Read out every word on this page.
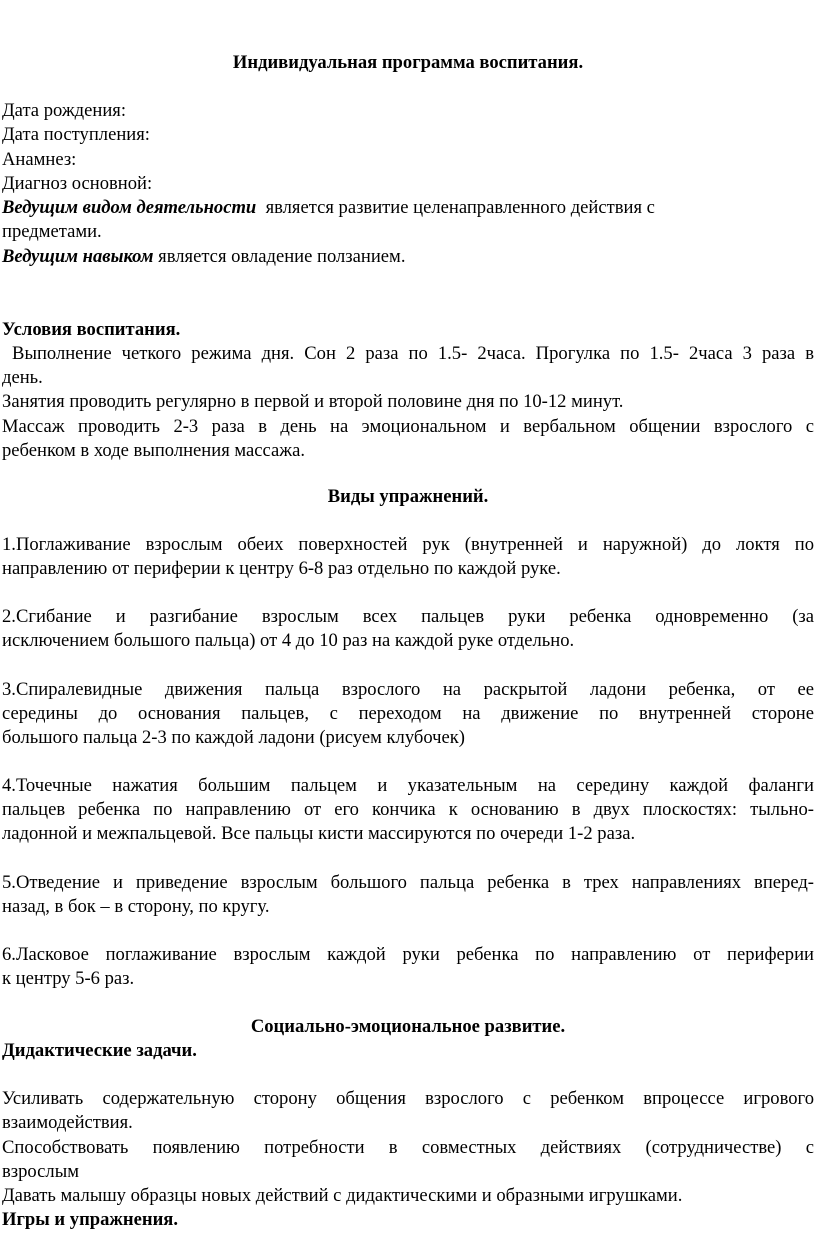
Индивидуальная программа воспитания.
Дата рождения:
Дата поступления:
Анамнез:
Диагноз основной:
Ведущим видом деятельности  является развитие целенаправленного действия с
предметами.
Ведущим навыком является овладение ползанием.
Условия воспитания.
Выполнение четкого режима дня. Сон 2 раза по 1.5- 2часа. Прогулка по 1.5- 2часа 3 раза в
день.
Занятия проводить регулярно в первой и второй половине дня по 10-12 минут.
Массаж проводить 2-3 раза в день на эмоциональном и вербальном общении взрослого с
ребенком в ходе выполнения массажа.
Виды упражнений.
1.Поглаживание взрослым обеих поверхностей рук (внутренней и наружной) до локтя по
направлению от периферии к центру 6-8 раз отдельно по каждой руке.
2.Сгибание и разгибание взрослым всех пальцев руки ребенка одновременно (за
исключением большого пальца) от 4 до 10 раз на каждой руке отдельно.
3.Спиралевидные движения пальца взрослого на раскрытой ладони ребенка, от ее
середины до основания пальцев, с переходом на движение по внутренней стороне
большого пальца 2-3 по каждой ладони (рисуем клубочек)
4.Точечные нажатия большим пальцем и указательным на середину каждой фаланги
пальцев ребенка по направлению от его кончика к основанию в двух плоскостях: тыльно-
ладонной и межпальцевой. Все пальцы кисти массируются по очереди 1-2 раза.
5.Отведение и приведение взрослым большого пальца ребенка в трех направлениях вперед-
назад, в бок – в сторону, по кругу.
6.Ласковое поглаживание взрослым каждой руки ребенка по направлению от периферии
к центру 5-6 раз.
Социально-эмоциональное развитие.
Дидактические задачи.
Усиливать содержательную сторону общения взрослого с ребенком впроцессе игрового
взаимодействия.
Способствовать появлению потребности в совместных действиях (сотрудничестве) с
взрослым
Давать малышу образцы новых действий с дидактическими и образными игрушками.
Игры и упражнения.
